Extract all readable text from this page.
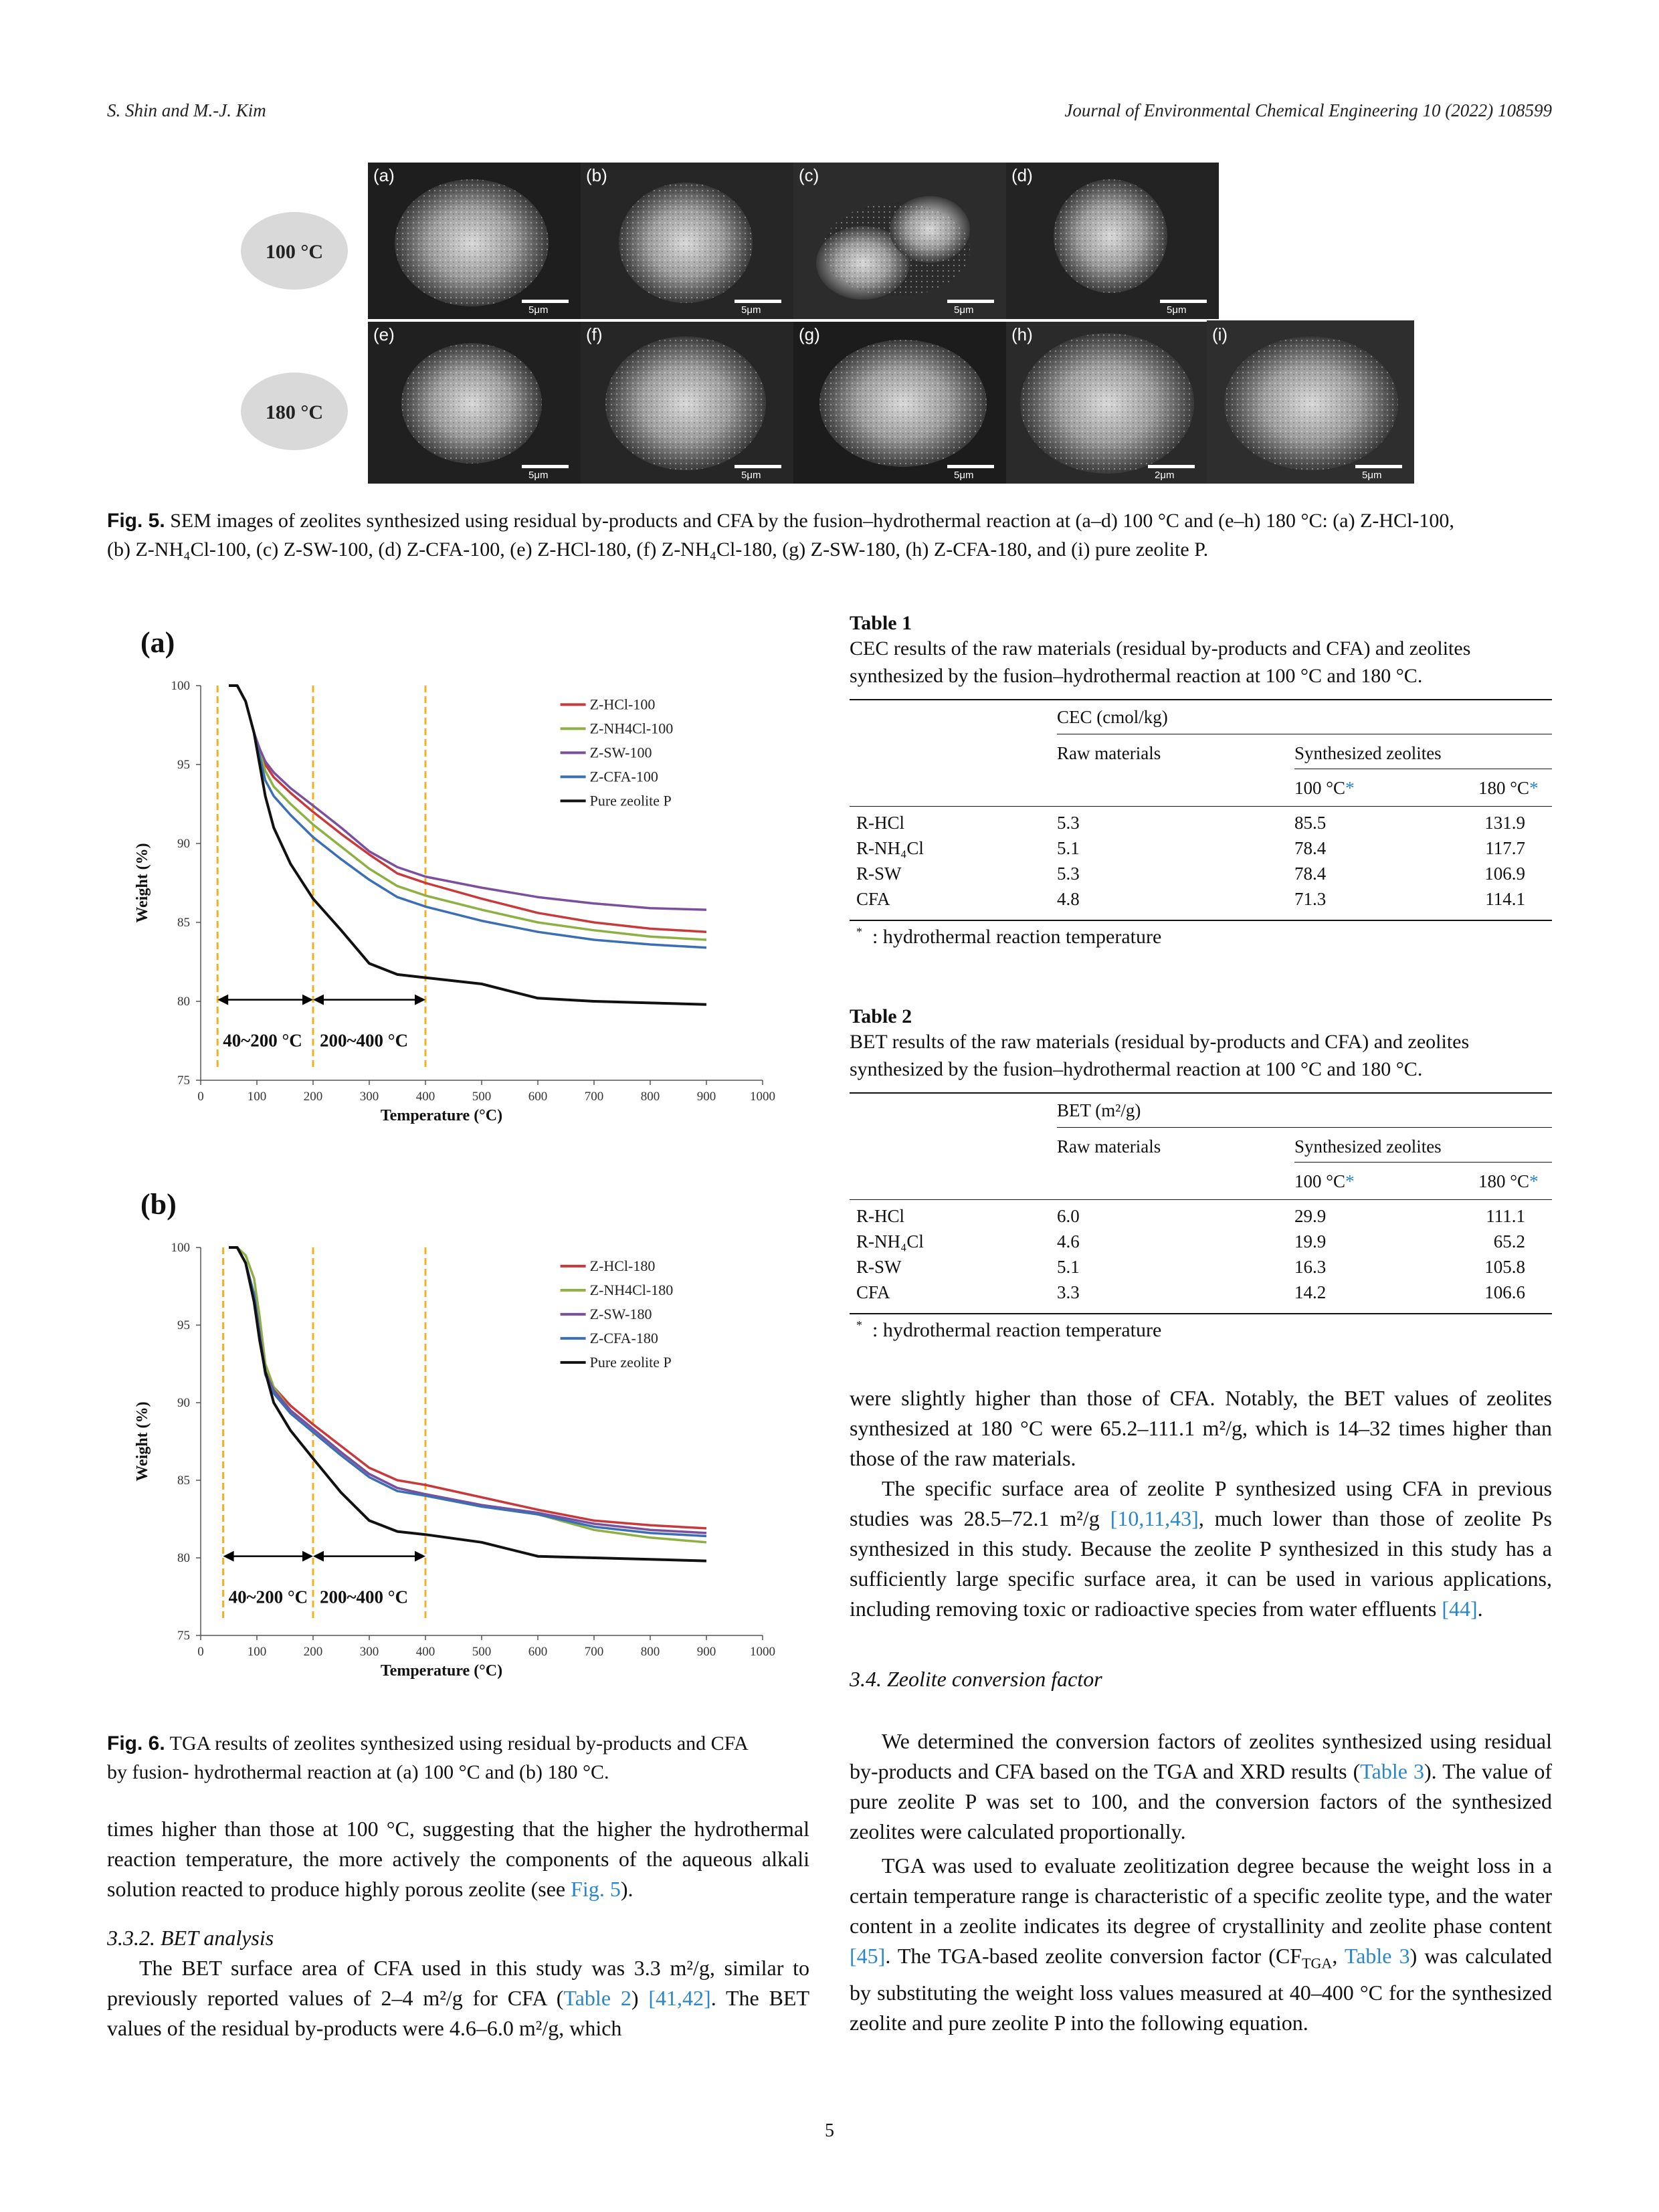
S. Shin and M.-J. Kim	Journal of Environmental Chemical Engineering 10 (2022) 108599
100 °C
180 °C
(a)
5μm
(b)
5μm
(c)
5μm
(d)
5μm
(e)
5μm
(f)
5μm
(g)
5μm
(h)
2μm
(i)
5μm
Fig. 5. SEM images of zeolites synthesized using residual by-products and CFA by the fusion–hydrothermal reaction at (a–d) 100 °C and (e–h) 180 °C: (a) Z-HCl-100,
(b) Z-NH₄Cl-100, (c) Z-SW-100, (d) Z-CFA-100, (e) Z-HCl-180, (f) Z-NH₄Cl-180, (g) Z-SW-180, (h) Z-CFA-180, and (i) pure zeolite P.
(a)
0	100	200	300	400	500	600	700	800	900	1000
75
80
85
90
95
100
Temperature (°C)
Weight (%)
40~200 °C 200~400 °C
Z-HCl-100
Z-NH4Cl-100
Z-SW-100
Z-CFA-100
Pure zeolite P
(b)
0	100	200	300	400	500	600	700	800	900	1000
75
80
85
90
95
100
Temperature (°C)
Weight (%)
40~200 °C 200~400 °C
Z-HCl-180
Z-NH4Cl-180
Z-SW-180
Z-CFA-180
Pure zeolite P
Fig. 6. TGA results of zeolites synthesized using residual by-products and CFA
by fusion- hydrothermal reaction at (a) 100 °C and (b) 180 °C.

times higher than those at 100 °C, suggesting that the higher the hydrothermal reaction temperature, the more actively the components of the aqueous alkali solution reacted to produce highly porous zeolite (see Fig. 5).

3.3.2. BET analysis

The BET surface area of CFA used in this study was 3.3 m²/g, similar to previously reported values of 2–4 m²/g for CFA (Table 2) [41,42]. The BET values of the residual by-products were 4.6–6.0 m²/g, which

Table 1
CEC results of the raw materials (residual by-products and CFA) and zeolites
synthesized by the fusion–hydrothermal reaction at 100 °C and 180 °C.
CEC (cmol/kg)
Raw materials	Synthesized zeolites
100 °C*	180 °C*
R-HCl	5.3	85.5	131.9
R-NH₄Cl	5.1	78.4	117.7
R-SW	5.3	78.4	106.9
CFA	4.8	71.3	114.1
* : hydrothermal reaction temperature
Table 2
BET results of the raw materials (residual by-products and CFA) and zeolites
synthesized by the fusion–hydrothermal reaction at 100 °C and 180 °C.
BET (m²/g)
Raw materials	Synthesized zeolites
100 °C*	180 °C*
R-HCl	6.0	29.9	111.1
R-NH₄Cl	4.6	19.9	65.2
R-SW	5.1	16.3	105.8
CFA	3.3	14.2	106.6
* : hydrothermal reaction temperature

were slightly higher than those of CFA. Notably, the BET values of zeolites synthesized at 180 °C were 65.2–111.1 m²/g, which is 14–32 times higher than those of the raw materials.

The specific surface area of zeolite P synthesized using CFA in previous studies was 28.5–72.1 m²/g [10,11,43], much lower than those of zeolite Ps synthesized in this study. Because the zeolite P synthesized in this study has a sufficiently large specific surface area, it can be used in various applications, including removing toxic or radioactive species from water effluents [44].

3.4. Zeolite conversion factor

We determined the conversion factors of zeolites synthesized using residual by-products and CFA based on the TGA and XRD results (Table 3). The value of pure zeolite P was set to 100, and the conversion factors of the synthesized zeolites were calculated proportionally.

TGA was used to evaluate zeolitization degree because the weight loss in a certain temperature range is characteristic of a specific zeolite type, and the water content in a zeolite indicates its degree of crystallinity and zeolite phase content [45]. The TGA-based zeolite conversion factor ($CF_{TGA}$, Table 3) was calculated by substituting the weight loss values measured at 40–400 °C for the synthesized zeolite and pure zeolite P into the following equation.

5
